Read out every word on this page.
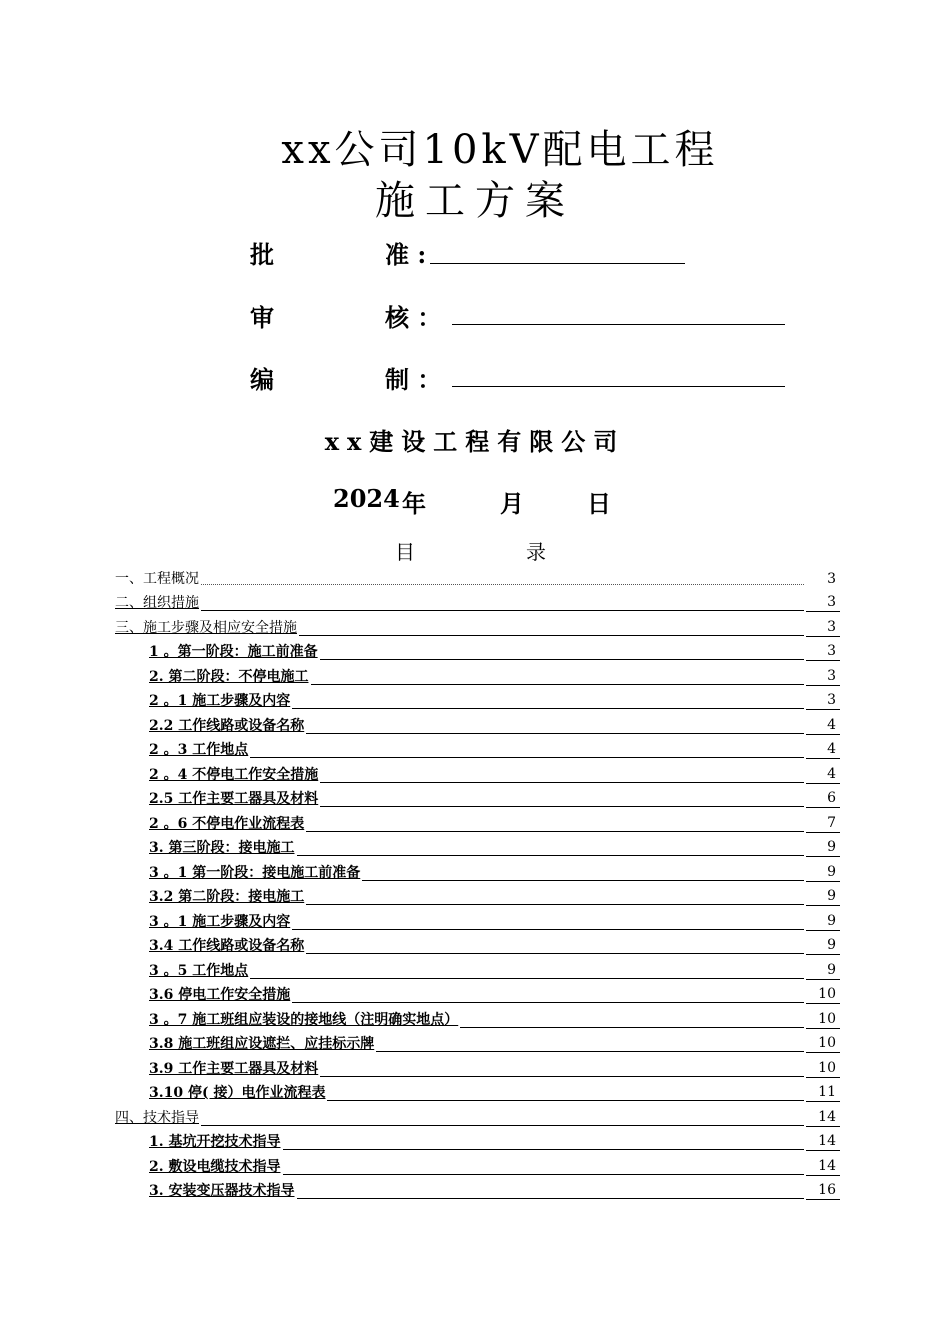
xx公司10kV配电工程
施工方案
批	准 :
审	核 ：
编	制 ：
xx建设工程有限公司
2024 年	月	日
目	录
一、工程概况	3
二、组织措施	3
三、施工步骤及相应安全措施	3
1 。第一阶段：施工前准备	3
2. 第二阶段：不停电施工	3
2 。1 施工步骤及内容	3
2.2 工作线路或设备名称	4
2 。3 工作地点	4
2 。4 不停电工作安全措施	4
2.5 工作主要工器具及材料	6
2 。6 不停电作业流程表	7
3. 第三阶段：接电施工	9
3 。1 第一阶段：接电施工前准备	9
3.2 第二阶段：接电施工	9
3 。1 施工步骤及内容	9
3.4 工作线路或设备名称	9
3 。5 工作地点	9
3.6 停电工作安全措施	10
3 。7 施工班组应装设的接地线（注明确实地点）	10
3.8 施工班组应设遮拦、应挂标示牌	10
3.9 工作主要工器具及材料	10
3.10 停( 接）电作业流程表	11
四、技术指导	14
1. 基坑开挖技术指导	14
2. 敷设电缆技术指导	14
3. 安装变压器技术指导	16
